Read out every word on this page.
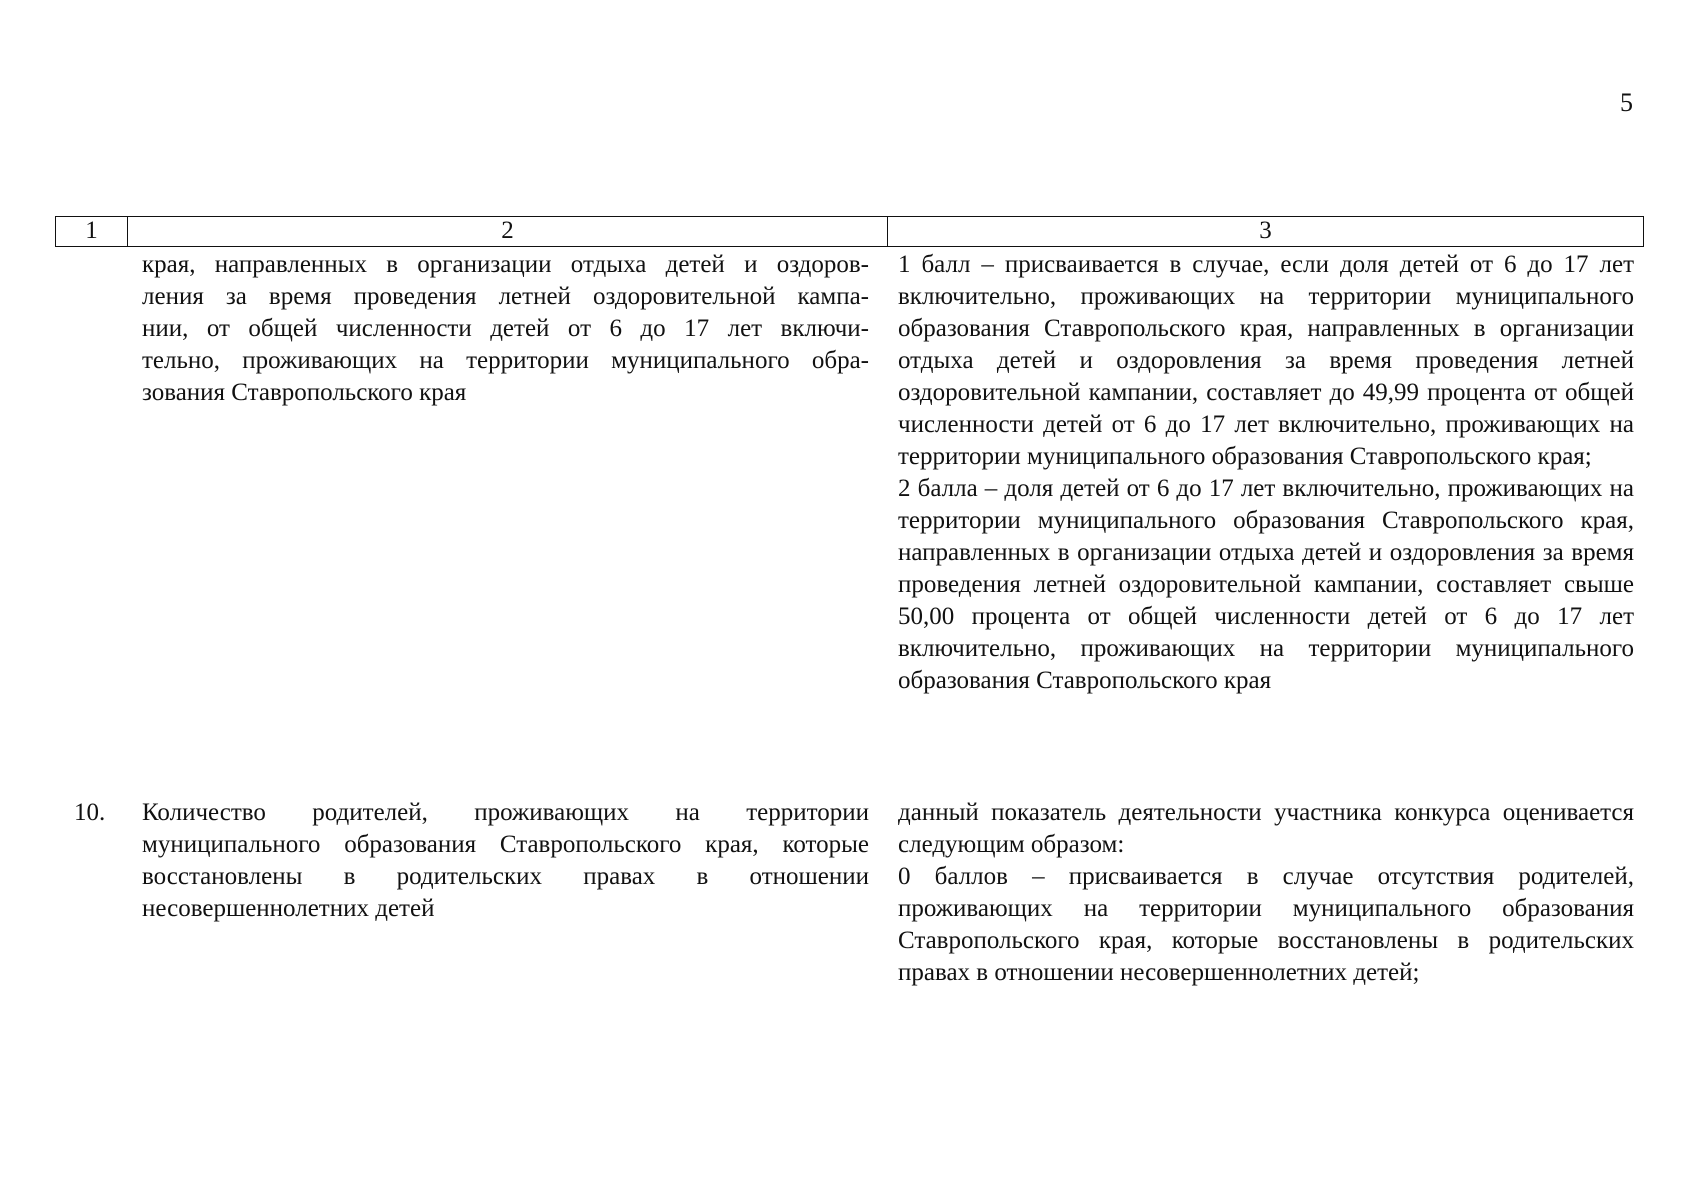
5
1	2	3

края, направленных в организации отдыха детей и оздоров-

ления за время проведения летней оздоровительной кампа-

нии, от общей численности детей от 6 до 17 лет включи-

тельно, проживающих на территории муниципального обра-

зования Ставропольского края

1 балл – присваивается в случае, если доля детей от 6 до 17 лет включительно, проживающих на территории муниципального образования Ставропольского края, направленных в организации отдыха детей и оздоровления за время проведения летней оздоровительной кампании, составляет до 49,99 процента от общей численности детей от 6 до 17 лет включительно, проживающих на территории муниципального образования Ставропольского края;

2 балла – доля детей от 6 до 17 лет включительно, проживающих на территории муниципального образования Ставропольского края, направленных в организации отдыха детей и оздоровления за время проведения летней оздоровительной кампании, составляет свыше 50,00 процента от общей численности детей от 6 до 17 лет включительно, проживающих на территории муниципального образования Ставропольского края

10. Количество родителей, проживающих на территории муниципального образования Ставропольского края, которые восстановлены в родительских правах в отношении несовершеннолетних детей

данный показатель деятельности участника конкурса оценивается следующим образом:

0 баллов – присваивается в случае отсутствия родителей, проживающих на территории муниципального образования Ставропольского края, которые восстановлены в родительских правах в отношении несовершеннолетних детей;
